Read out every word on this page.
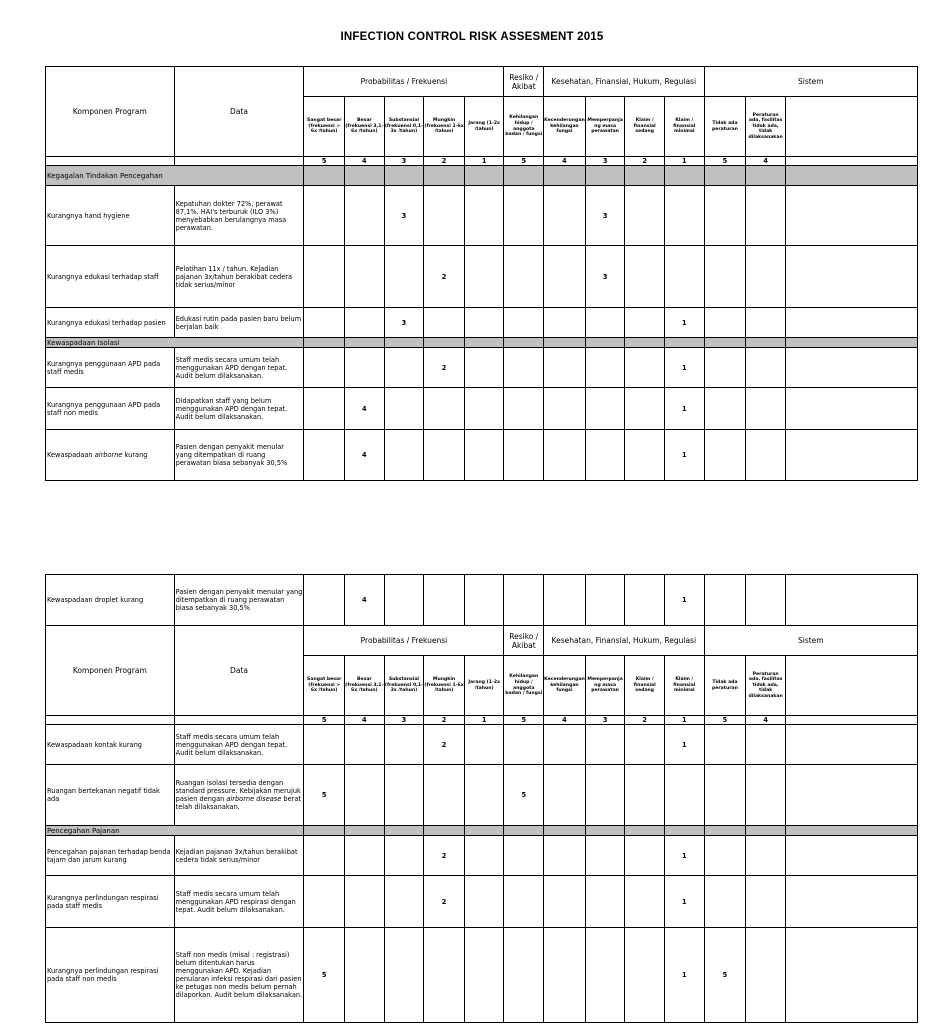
INFECTION CONTROL RISK ASSESMENT 2015
Komponen Program	Data	Probabilitas / Frekuensi					Resiko / Akibat	Kesehatan, Finansial, Hukum, Regulasi				Sistem		
		Sangat besar (frekuensi > 6x /tahun)	Besar (frekuensi 3,1-6x /tahun)	Substansial (frekuensi 0,1-3x /tahun)	Mungkin (frekuensi 1-6x /tahun)	Jarang (1-2x /tahun)	Kehilangan hidup / anggota badan / fungsi	Kecenderungan kehilangan fungsi	Memperpanjang masa perawatan	Klaim / finansial sedang	Klaim / finansial minimal	Tidak ada peraturan	Peraturan ada, fasilitas tidak ada, tidak dilaksanakan	
		5	4	3	2	1	5	4	3	2	1	5	4	
Kegagalan Tindakan Pencegahan														
Kurangnya hand hygiene	Kepatuhan dokter 72%, perawat 87,1%. HAI's terburuk (ILO 3%) menyebabkan berulangnya masa perawatan.			3					3					
Kurangnya edukasi terhadap staff	Pelatihan 11x / tahun. Kejadian pajanan 3x/tahun berakibat cedera tidak serius/minor				2				3					
Kurangnya edukasi terhadap pasien	Edukasi rutin pada pasien baru belum berjalan baik			3							1			
Kewaspadaan Isolasi														
Kurangnya penggunaan APD pada staff medis	Staff medis secara umum telah menggunakan APD dengan tepat. Audit belum dilaksanakan.				2						1			
Kurangnya penggunaan APD pada staff non medis	Didapatkan staff yang belum menggunakan APD dengan tepat. Audit belum dilaksanakan.		4								1			
Kewaspadaan airborne kurang	Pasien dengan penyakit menular yang ditempatkan di ruang perawatan biasa sebanyak 30,5%		4								1			
Kewaspadaan droplet kurang	Pasien dengan penyakit menular yang ditempatkan di ruang perawatan biasa sebanyak 30,5%		4								1			
Komponen Program	Data	Probabilitas / Frekuensi					Resiko / Akibat	Kesehatan, Finansial, Hukum, Regulasi				Sistem		
		Sangat besar (frekuensi > 6x /tahun)	Besar (frekuensi 3,1-6x /tahun)	Substansial (frekuensi 0,1-3x /tahun)	Mungkin (frekuensi 1-6x /tahun)	Jarang (1-2x /tahun)	Kehilangan hidup / anggota badan / fungsi	Kecenderungan kehilangan fungsi	Memperpanjang masa perawatan	Klaim / finansial sedang	Klaim / finansial minimal	Tidak ada peraturan	Peraturan ada, fasilitas tidak ada, tidak dilaksanakan	
		5	4	3	2	1	5	4	3	2	1	5	4	
Kewaspadaan kontak kurang	Staff medis secara umum telah menggunakan APD dengan tepat. Audit belum dilaksanakan.				2						1			
Ruangan bertekanan negatif tidak ada	Ruangan isolasi tersedia dengan standard pressure. Kebijakan merujuk pasien dengan airborne disease berat telah dilaksanakan.	5					5							
Pencegahan Pajanan														
Pencegahan pajanan terhadap benda tajam dan jarum kurang	Kejadian pajanan 3x/tahun berakibat cedera tidak serius/minor				2						1			
Kurangnya perlindungan respirasi pada staff medis	Staff medis secara umum telah menggunakan APD respirasi dengan tepat. Audit belum dilaksanakan.				2						1			
Kurangnya perlindungan respirasi pada staff non medis	Staff non medis (misal : registrasi) belum ditentukan harus menggunakan APD. Kejadian penularan infeksi respirasi dari pasien ke petugas non medis belum pernah dilaporkan. Audit belum dilaksanakan.	5									1	5		
